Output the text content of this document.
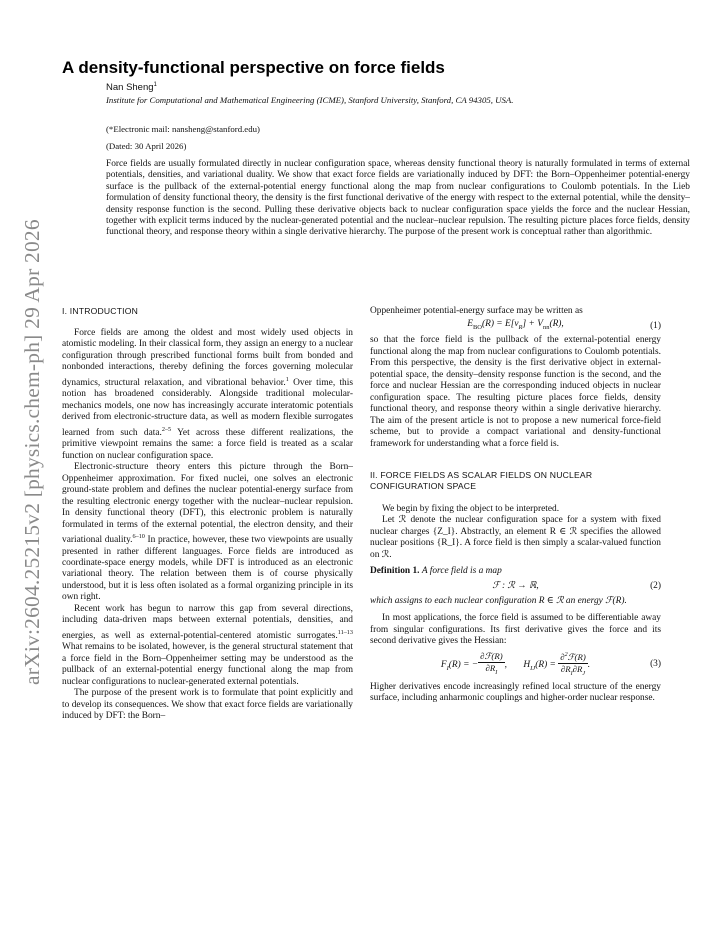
arXiv:2604.25215v2 [physics.chem-ph] 29 Apr 2026
A density-functional perspective on force fields
Nan Sheng$^1$
Institute for Computational and Mathematical Engineering (ICME), Stanford University, Stanford, CA 94305, USA.
(*Electronic mail: nansheng@stanford.edu)
(Dated: 30 April 2026)
Force fields are usually formulated directly in nuclear configuration space, whereas density functional theory is naturally formulated in terms of external potentials, densities, and variational duality. We show that exact force fields are variationally induced by DFT: the Born–Oppenheimer potential-energy surface is the pullback of the external-potential energy functional along the map from nuclear configurations to Coulomb potentials. In the Lieb formulation of density functional theory, the density is the first functional derivative of the energy with respect to the external potential, while the density–density response function is the second. Pulling these derivative objects back to nuclear configuration space yields the force and the nuclear Hessian, together with explicit terms induced by the nuclear-generated potential and the nuclear–nuclear repulsion. The resulting picture places force fields, density functional theory, and response theory within a single derivative hierarchy. The purpose of the present work is conceptual rather than algorithmic.
I. INTRODUCTION

Force fields are among the oldest and most widely used objects in atomistic modeling. In their classical form, they assign an energy to a nuclear configuration through prescribed functional forms built from bonded and nonbonded interactions, thereby defining the forces governing molecular dynamics, structural relaxation, and vibrational behavior.$^1$ Over time, this notion has broadened considerably. Alongside traditional molecular-mechanics models, one now has increasingly accurate interatomic potentials derived from electronic-structure data, as well as modern flexible surrogates learned from such data.$^{2-5}$ Yet across these different realizations, the primitive viewpoint remains the same: a force field is treated as a scalar function on nuclear configuration space.

Electronic-structure theory enters this picture through the Born–Oppenheimer approximation. For fixed nuclei, one solves an electronic ground-state problem and defines the nuclear potential-energy surface from the resulting electronic energy together with the nuclear–nuclear repulsion. In density functional theory (DFT), this electronic problem is naturally formulated in terms of the external potential, the electron density, and their variational duality.$^{6-10}$ In practice, however, these two viewpoints are usually presented in rather different languages. Force fields are introduced as coordinate-space energy models, while DFT is introduced as an electronic variational theory. The relation between them is of course physically understood, but it is less often isolated as a formal organizing principle in its own right.

Recent work has begun to narrow this gap from several directions, including data-driven maps between external potentials, densities, and energies, as well as external-potential-centered atomistic surrogates.$^{11-13}$ What remains to be isolated, however, is the general structural statement that a force field in the Born–Oppenheimer setting may be understood as the pullback of an external-potential energy functional along the map from nuclear configurations to nuclear-generated external potentials.

The purpose of the present work is to formulate that point explicitly and to develop its consequences. We show that exact force fields are variationally induced by DFT: the Born–

Oppenheimer potential-energy surface may be written as

$E_{BO}(R) = E[v_R] + V_{nn}(R)$,	(1)

so that the force field is the pullback of the external-potential energy functional along the map from nuclear configurations to Coulomb potentials. From this perspective, the density is the first derivative object in external-potential space, the density–density response function is the second, and the force and nuclear Hessian are the corresponding induced objects in nuclear configuration space. The resulting picture places force fields, density functional theory, and response theory within a single derivative hierarchy. The aim of the present article is not to propose a new numerical force-field scheme, but to provide a compact variational and density-functional framework for understanding what a force field is.

II. FORCE FIELDS AS SCALAR FIELDS ON NUCLEAR CONFIGURATION SPACE

We begin by fixing the object to be interpreted.

Let ℛ denote the nuclear configuration space for a system with fixed nuclear charges {Z_I}. Abstractly, an element R ∈ ℛ specifies the allowed nuclear positions {R_I}. A force field is then simply a scalar-valued function on ℛ.

Definition 1. A force field is a map

ℱ : ℛ → ℝ,	(2)

which assigns to each nuclear configuration R ∈ ℛ an energy ℱ(R).

In most applications, the force field is assumed to be differentiable away from singular configurations. Its first derivative gives the force and its second derivative gives the Hessian:

$F_I(R)$ = − $\frac{\text{∂ℱ(R)}}{\partial R_I}$ ,       $H_{IJ}(R) = \frac{\partial^2ℱ(R)}{\partial R_I\partial R_J}$ .	(3)

Higher derivatives encode increasingly refined local structure of the energy surface, including anharmonic couplings and higher-order nuclear response.
